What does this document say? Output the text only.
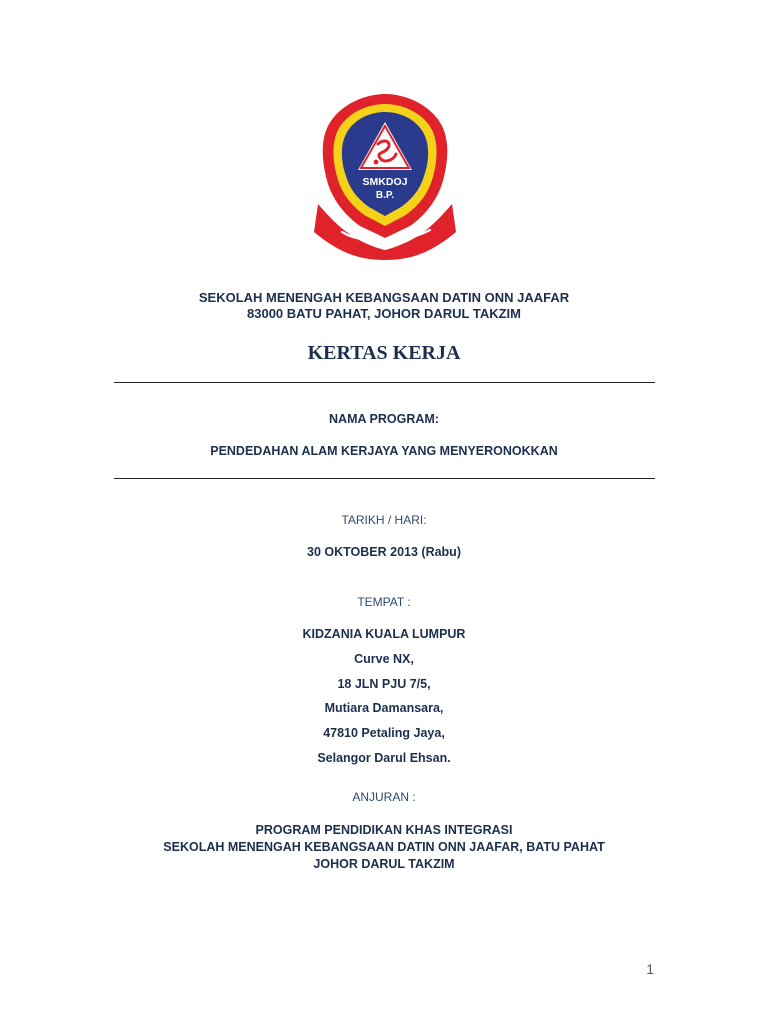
SMKDOJ
B.P.
SEKOLAH MENENGAH KEBANGSAAN DATIN ONN JAAFAR
83000 BATU PAHAT, JOHOR DARUL TAKZIM
KERTAS KERJA
NAMA PROGRAM:
PENDEDAHAN ALAM KERJAYA YANG MENYERONOKKAN
TARIKH / HARI:
30 OKTOBER 2013 (Rabu)
TEMPAT :
KIDZANIA KUALA LUMPUR
Curve NX,
18 JLN PJU 7/5,
Mutiara Damansara,
47810 Petaling Jaya,
Selangor Darul Ehsan.
ANJURAN :
PROGRAM PENDIDIKAN KHAS INTEGRASI
SEKOLAH MENENGAH KEBANGSAAN DATIN ONN JAAFAR, BATU PAHAT
JOHOR DARUL TAKZIM
1
